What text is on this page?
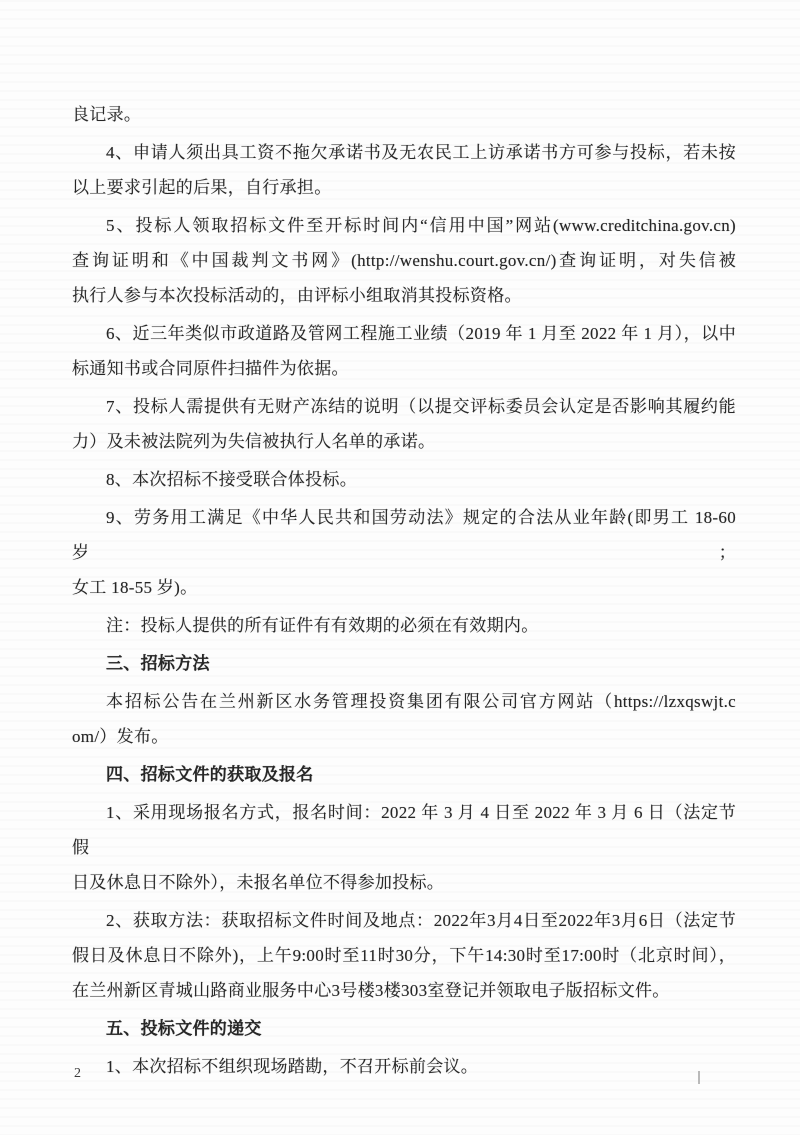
良记录。
4、申请人须出具工资不拖欠承诺书及无农民工上访承诺书方可参与投标，若未按
以上要求引起的后果，自行承担。
5、投标人领取招标文件至开标时间内“信用中国”网站(www.creditchina.gov.cn)
查询证明和《中国裁判文书网》(http://wenshu.court.gov.cn/)查询证明，对失信被
执行人参与本次投标活动的，由评标小组取消其投标资格。
6、近三年类似市政道路及管网工程施工业绩（2019 年 1 月至 2022 年 1 月），以中
标通知书或合同原件扫描件为依据。
7、投标人需提供有无财产冻结的说明（以提交评标委员会认定是否影响其履约能
力）及未被法院列为失信被执行人名单的承诺。
8、本次招标不接受联合体投标。
9、劳务用工满足《中华人民共和国劳动法》规定的合法从业年龄(即男工 18-60 岁；
女工 18-55 岁)。
注：投标人提供的所有证件有有效期的必须在有效期内。
三、招标方法
本招标公告在兰州新区水务管理投资集团有限公司官方网站（https://lzxqswjt.c
om/）发布。
四、招标文件的获取及报名
1、采用现场报名方式，报名时间：2022 年 3 月 4 日至 2022 年 3 月 6 日（法定节假
日及休息日不除外），未报名单位不得参加投标。
2、获取方法：获取招标文件时间及地点：2022年3月4日至2022年3月6日（法定节
假日及休息日不除外)，上午9:00时至11时30分，下午14:30时至17:00时（北京时间），
在兰州新区青城山路商业服务中心3号楼3楼303室登记并领取电子版招标文件。
五、投标文件的递交
1、本次招标不组织现场踏勘，不召开标前会议。
2
